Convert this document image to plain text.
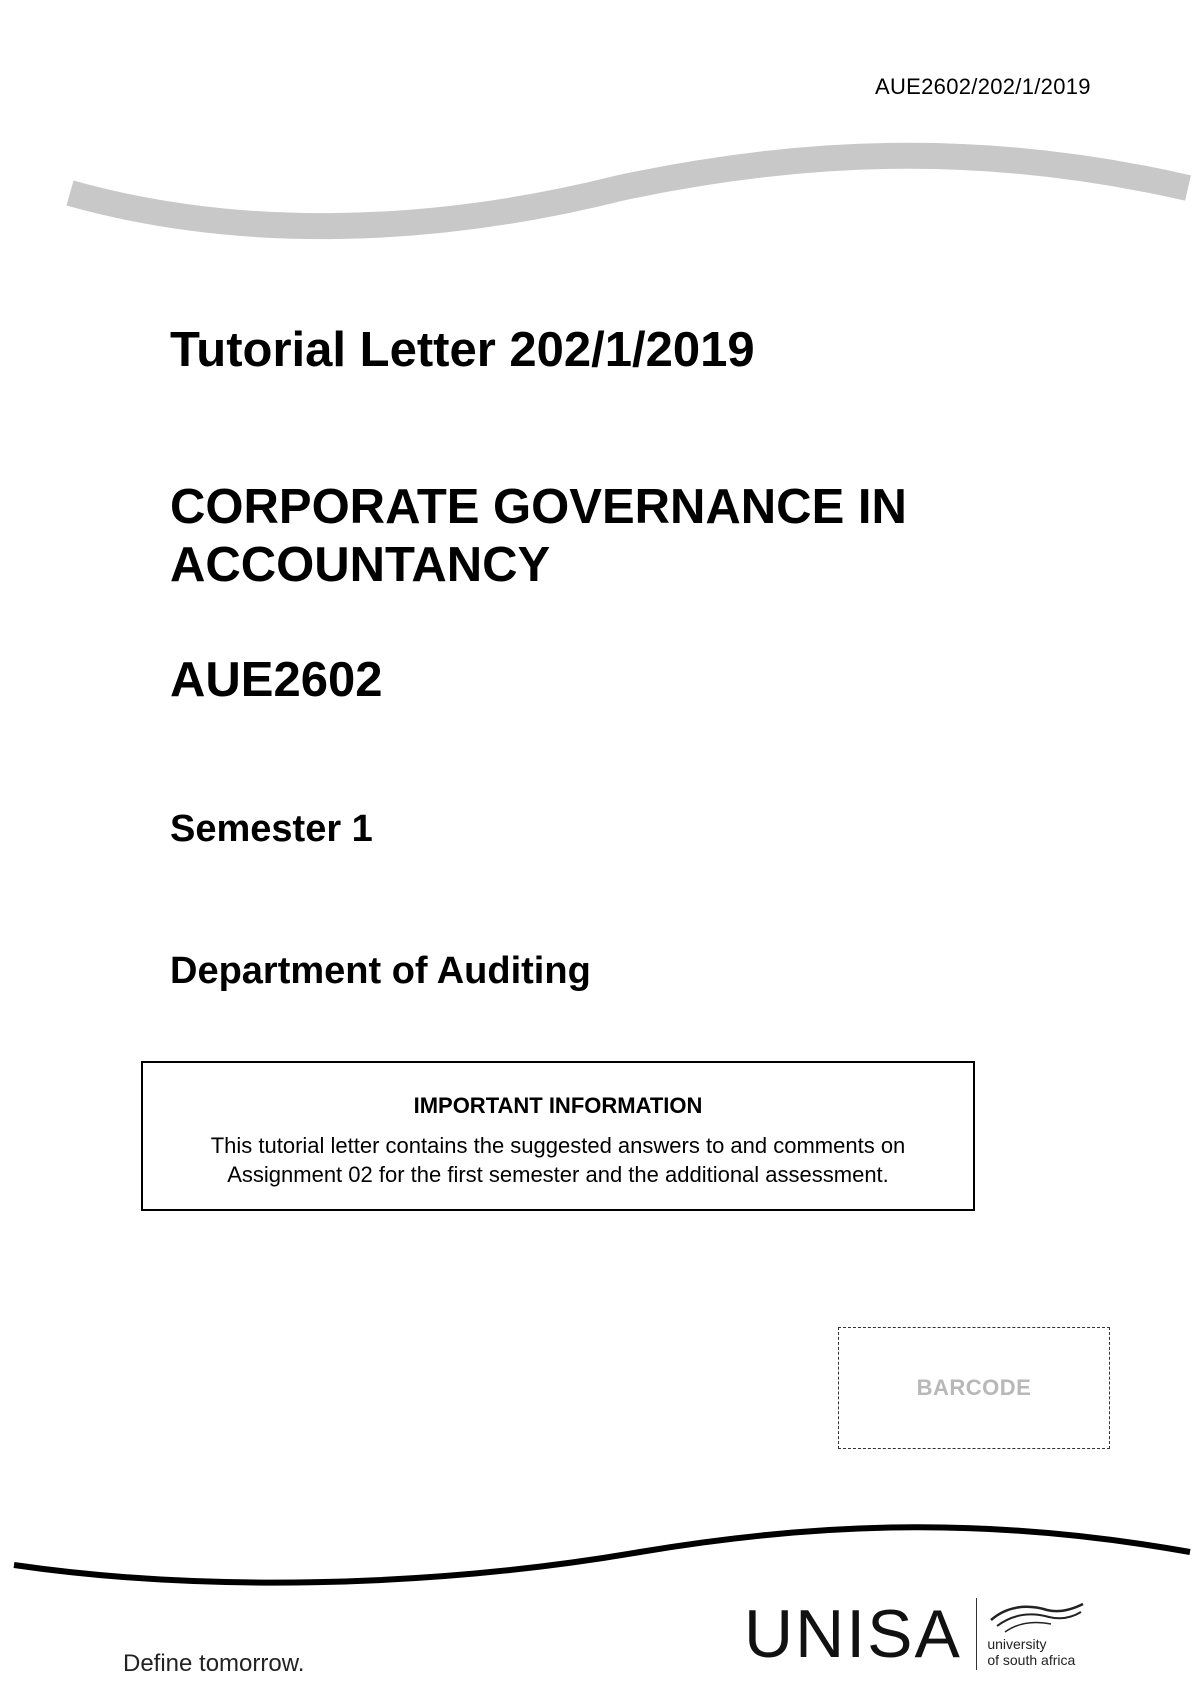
AUE2602/202/1/2019
Tutorial Letter 202/1/2019
CORPORATE GOVERNANCE IN
ACCOUNTANCY
AUE2602
Semester 1
Department of Auditing
IMPORTANT INFORMATION
This tutorial letter contains the suggested answers to and comments on
Assignment 02 for the first semester and the additional assessment.
BARCODE
Define tomorrow.	UNISA university
of south africa
